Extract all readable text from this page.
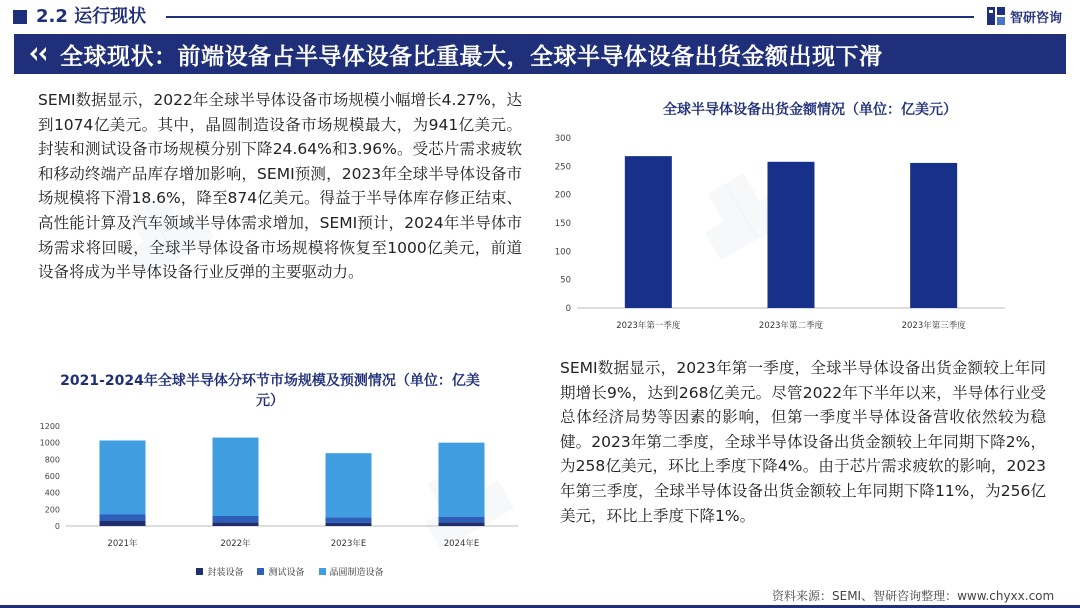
2.2 运行现状	智研咨询
全球现状：前端设备占半导体设备比重最大，全球半导体设备出货金额出现下滑

SEMI数据显示，2022年全球半导体设备市场规模小幅增长4.27%，达到1074亿美元。其中，晶圆制造设备市场规模最大，为941亿美元。封装和测试设备市场规模分别下降24.64%和3.96%。受芯片需求疲软和移动终端产品库存增加影响，SEMI预测，2023年全球半导体设备市场规模将下滑18.6%，降至874亿美元。得益于半导体库存修正结束、高性能计算及汽车领域半导体需求增加，SEMI预计，2024年半导体市场需求将回暖，全球半导体设备市场规模将恢复至1000亿美元，前道设备将成为半导体设备行业反弹的主要驱动力。

全球半导体设备出货金额情况（单位：亿美元）
0
50
100
150
200
250
300
2023年第一季度	2023年第二季度	2023年第三季度

SEMI数据显示，2023年第一季度，全球半导体设备出货金额较上年同期增长9%，达到268亿美元。尽管2022年下半年以来，半导体行业受总体经济局势等因素的影响，但第一季度半导体设备营收依然较为稳健。2023年第二季度，全球半导体设备出货金额较上年同期下降2%，为258亿美元，环比上季度下降4%。由于芯片需求疲软的影响，2023年第三季度，全球半导体设备出货金额较上年同期下降11%，为256亿美元，环比上季度下降1%。

2021-2024年全球半导体分环节市场规模及预测情况（单位：亿美元）
0
200
400
600
800
1000
1200
2021年	2022年	2023年E	2024年E
封装设备	测试设备	晶圆制造设备
资料来源：SEMI、智研咨询整理：www.chyxx.com
